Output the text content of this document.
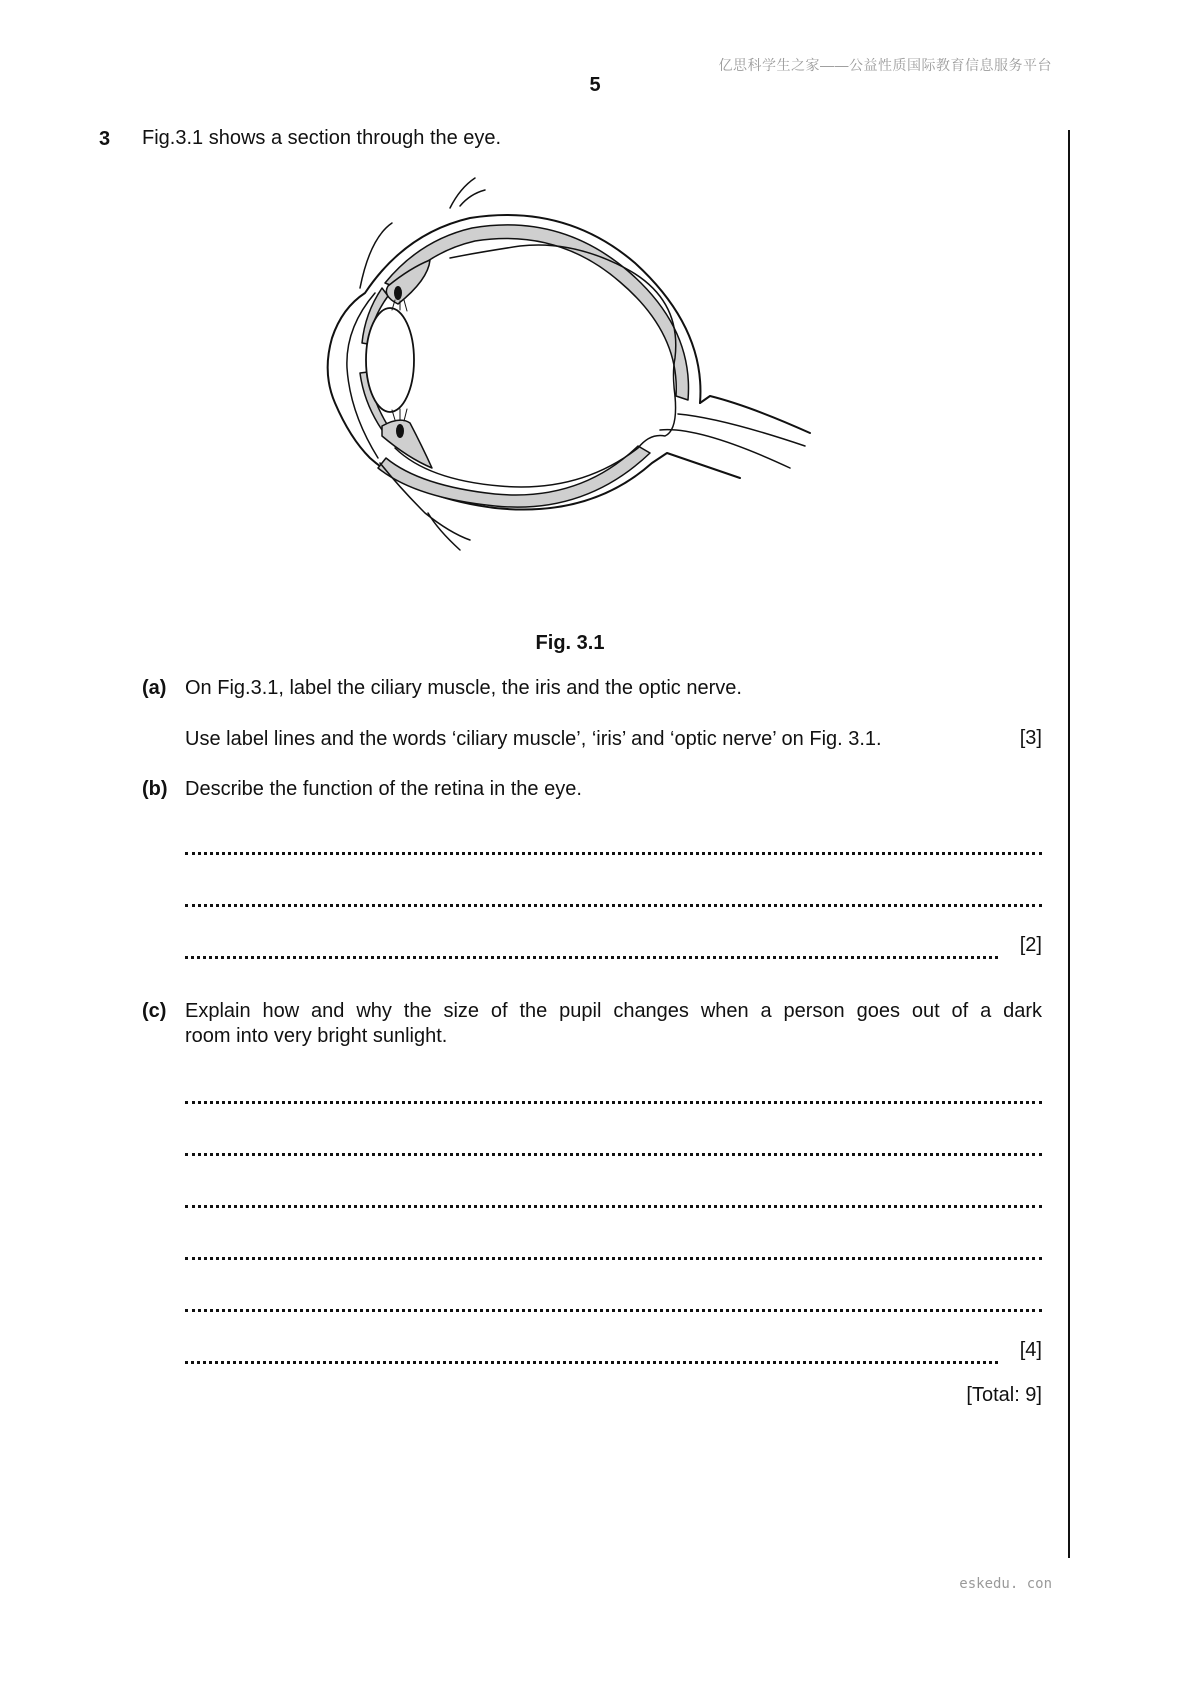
亿思科学生之家——公益性质国际教育信息服务平台
5
3 Fig.3.1 shows a section through the eye.
Fig. 3.1
(a) On Fig.3.1, label the ciliary muscle, the iris and the optic nerve.
Use label lines and the words ‘ciliary muscle’, ‘iris’ and ‘optic nerve’ on Fig. 3.1.	[3]
(b) Describe the function of the retina in the eye.
[2]
(c) Explain how and why the size of the pupil changes when a person goes out of a dark
room into very bright sunlight.
[4]
[Total: 9]
eskedu. con
